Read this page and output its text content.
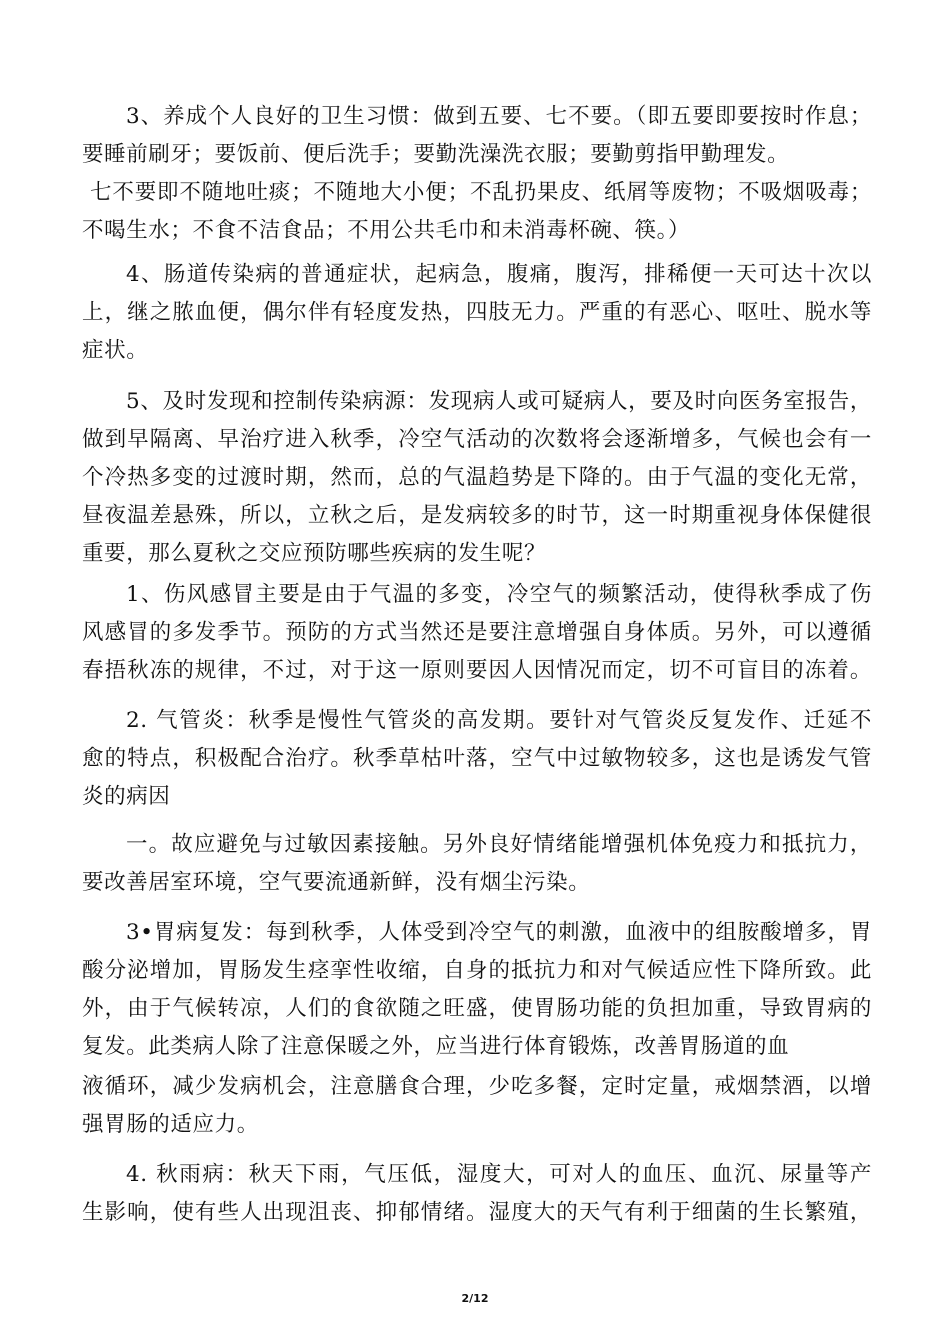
3、养成个人良好的卫生习惯：做到五要、七不要。（即五要即要按时作息；
要睡前刷牙；要饭前、便后洗手；要勤洗澡洗衣服；要勤剪指甲勤理发。
七不要即不随地吐痰；不随地大小便；不乱扔果皮、纸屑等废物；不吸烟吸毒；
不喝生水；不食不洁食品；不用公共毛巾和未消毒杯碗、筷。）
4、肠道传染病的普通症状，起病急，腹痛，腹泻，排稀便一天可达十次以
上，继之脓血便，偶尔伴有轻度发热，四肢无力。严重的有恶心、呕吐、脱水等
症状。
5、及时发现和控制传染病源：发现病人或可疑病人，要及时向医务室报告，
做到早隔离、早治疗进入秋季，冷空气活动的次数将会逐渐增多，气候也会有一
个冷热多变的过渡时期，然而，总的气温趋势是下降的。由于气温的变化无常，
昼夜温差悬殊，所以，立秋之后，是发病较多的时节，这一时期重视身体保健很
重要，那么夏秋之交应预防哪些疾病的发生呢？
1、伤风感冒主要是由于气温的多变，冷空气的频繁活动，使得秋季成了伤
风感冒的多发季节。预防的方式当然还是要注意增强自身体质。另外，可以遵循
春捂秋冻的规律，不过，对于这一原则要因人因情况而定，切不可盲目的冻着。
2. 气管炎：秋季是慢性气管炎的高发期。要针对气管炎反复发作、迁延不
愈的特点，积极配合治疗。秋季草枯叶落，空气中过敏物较多，这也是诱发气管
炎的病因
一。故应避免与过敏因素接触。另外良好情绪能增强机体免疫力和抵抗力，
要改善居室环境，空气要流通新鲜，没有烟尘污染。
3•胃病复发：每到秋季，人体受到冷空气的刺激，血液中的组胺酸增多，胃
酸分泌增加，胃肠发生痉挛性收缩，自身的抵抗力和对气候适应性下降所致。此
外，由于气候转凉，人们的食欲随之旺盛，使胃肠功能的负担加重，导致胃病的
复发。此类病人除了注意保暖之外，应当进行体育锻炼，改善胃肠道的血
液循环，减少发病机会，注意膳食合理，少吃多餐，定时定量，戒烟禁酒，以增
强胃肠的适应力。
4. 秋雨病：秋天下雨，气压低，湿度大，可对人的血压、血沉、尿量等产
生影响，使有些人出现沮丧、抑郁情绪。湿度大的天气有利于细菌的生长繁殖，
2/12
